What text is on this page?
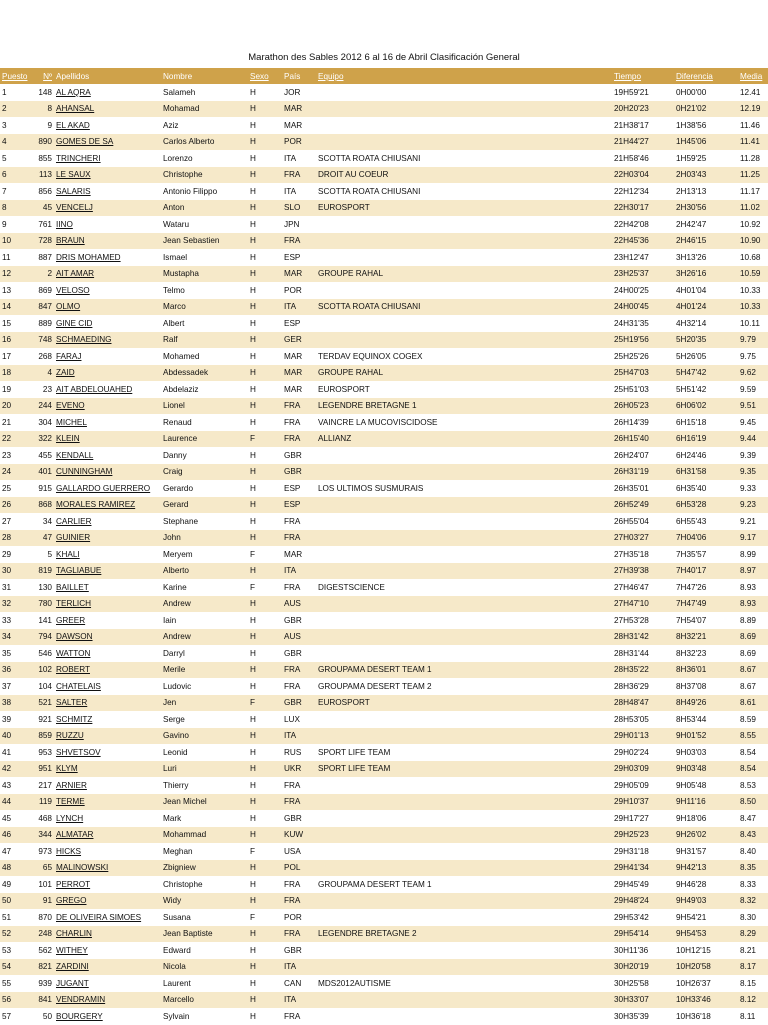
Marathon des Sables 2012 6 al 16 de Abril Clasificación General
Puesto	Nº	Apellidos	Nombre	Sexo	País	Equipo	Tiempo	Diferencia	Media
1	148	AL AQRA	Salameh	H	JOR		19H59'21	0H00'00	12.41
2	8	AHANSAL	Mohamad	H	MAR		20H20'23	0H21'02	12.19
3	9	EL AKAD	Aziz	H	MAR		21H38'17	1H38'56	11.46
4	890	GOMES DE SA	Carlos Alberto	H	POR		21H44'27	1H45'06	11.41
5	855	TRINCHERI	Lorenzo	H	ITA	SCOTTA ROATA CHIUSANI	21H58'46	1H59'25	11.28
6	113	LE SAUX	Christophe	H	FRA	DROIT AU COEUR	22H03'04	2H03'43	11.25
7	856	SALARIS	Antonio Filippo	H	ITA	SCOTTA ROATA CHIUSANI	22H12'34	2H13'13	11.17
8	45	VENCELJ	Anton	H	SLO	EUROSPORT	22H30'17	2H30'56	11.02
9	761	IINO	Wataru	H	JPN		22H42'08	2H42'47	10.92
10	728	BRAUN	Jean Sebastien	H	FRA		22H45'36	2H46'15	10.90
11	887	DRIS MOHAMED	Ismael	H	ESP		23H12'47	3H13'26	10.68
12	2	AIT AMAR	Mustapha	H	MAR	GROUPE RAHAL	23H25'37	3H26'16	10.59
13	869	VELOSO	Telmo	H	POR		24H00'25	4H01'04	10.33
14	847	OLMO	Marco	H	ITA	SCOTTA ROATA CHIUSANI	24H00'45	4H01'24	10.33
15	889	GINE CID	Albert	H	ESP		24H31'35	4H32'14	10.11
16	748	SCHMAEDING	Ralf	H	GER		25H19'56	5H20'35	9.79
17	268	FARAJ	Mohamed	H	MAR	TERDAV EQUINOX COGEX	25H25'26	5H26'05	9.75
18	4	ZAID	Abdessadek	H	MAR	GROUPE RAHAL	25H47'03	5H47'42	9.62
19	23	AIT ABDELOUAHED	Abdelaziz	H	MAR	EUROSPORT	25H51'03	5H51'42	9.59
20	244	EVENO	Lionel	H	FRA	LEGENDRE BRETAGNE 1	26H05'23	6H06'02	9.51
21	304	MICHEL	Renaud	H	FRA	VAINCRE LA MUCOVISCIDOSE	26H14'39	6H15'18	9.45
22	322	KLEIN	Laurence	F	FRA	ALLIANZ	26H15'40	6H16'19	9.44
23	455	KENDALL	Danny	H	GBR		26H24'07	6H24'46	9.39
24	401	CUNNINGHAM	Craig	H	GBR		26H31'19	6H31'58	9.35
25	915	GALLARDO GUERRERO	Gerardo	H	ESP	LOS ULTIMOS SUSMURAIS	26H35'01	6H35'40	9.33
26	868	MORALES RAMIREZ	Gerard	H	ESP		26H52'49	6H53'28	9.23
27	34	CARLIER	Stephane	H	FRA		26H55'04	6H55'43	9.21
28	47	GUINIER	John	H	FRA		27H03'27	7H04'06	9.17
29	5	KHALI	Meryem	F	MAR		27H35'18	7H35'57	8.99
30	819	TAGLIABUE	Alberto	H	ITA		27H39'38	7H40'17	8.97
31	130	BAILLET	Karine	F	FRA	DIGESTSCIENCE	27H46'47	7H47'26	8.93
32	780	TERLICH	Andrew	H	AUS		27H47'10	7H47'49	8.93
33	141	GREER	Iain	H	GBR		27H53'28	7H54'07	8.89
34	794	DAWSON	Andrew	H	AUS		28H31'42	8H32'21	8.69
35	546	WATTON	Darryl	H	GBR		28H31'44	8H32'23	8.69
36	102	ROBERT	Merile	H	FRA	GROUPAMA DESERT TEAM 1	28H35'22	8H36'01	8.67
37	104	CHATELAIS	Ludovic	H	FRA	GROUPAMA DESERT TEAM 2	28H36'29	8H37'08	8.67
38	521	SALTER	Jen	F	GBR	EUROSPORT	28H48'47	8H49'26	8.61
39	921	SCHMITZ	Serge	H	LUX		28H53'05	8H53'44	8.59
40	859	RUZZU	Gavino	H	ITA		29H01'13	9H01'52	8.55
41	953	SHVETSOV	Leonid	H	RUS	SPORT LIFE TEAM	29H02'24	9H03'03	8.54
42	951	KLYM	Luri	H	UKR	SPORT LIFE TEAM	29H03'09	9H03'48	8.54
43	217	ARNIER	Thierry	H	FRA		29H05'09	9H05'48	8.53
44	119	TERME	Jean Michel	H	FRA		29H10'37	9H11'16	8.50
45	468	LYNCH	Mark	H	GBR		29H17'27	9H18'06	8.47
46	344	ALMATAR	Mohammad	H	KUW		29H25'23	9H26'02	8.43
47	973	HICKS	Meghan	F	USA		29H31'18	9H31'57	8.40
48	65	MALINOWSKI	Zbigniew	H	POL		29H41'34	9H42'13	8.35
49	101	PERROT	Christophe	H	FRA	GROUPAMA DESERT TEAM 1	29H45'49	9H46'28	8.33
50	91	GREGO	Widy	H	FRA		29H48'24	9H49'03	8.32
51	870	DE OLIVEIRA SIMOES	Susana	F	POR		29H53'42	9H54'21	8.30
52	248	CHARLIN	Jean Baptiste	H	FRA	LEGENDRE BRETAGNE 2	29H54'14	9H54'53	8.29
53	562	WITHEY	Edward	H	GBR		30H11'36	10H12'15	8.21
54	821	ZARDINI	Nicola	H	ITA		30H20'19	10H20'58	8.17
55	939	JUGANT	Laurent	H	CAN	MDS2012AUTISME	30H25'58	10H26'37	8.15
56	841	VENDRAMIN	Marcello	H	ITA		30H33'07	10H33'46	8.12
57	50	BOURGERY	Sylvain	H	FRA		30H35'39	10H36'18	8.11
